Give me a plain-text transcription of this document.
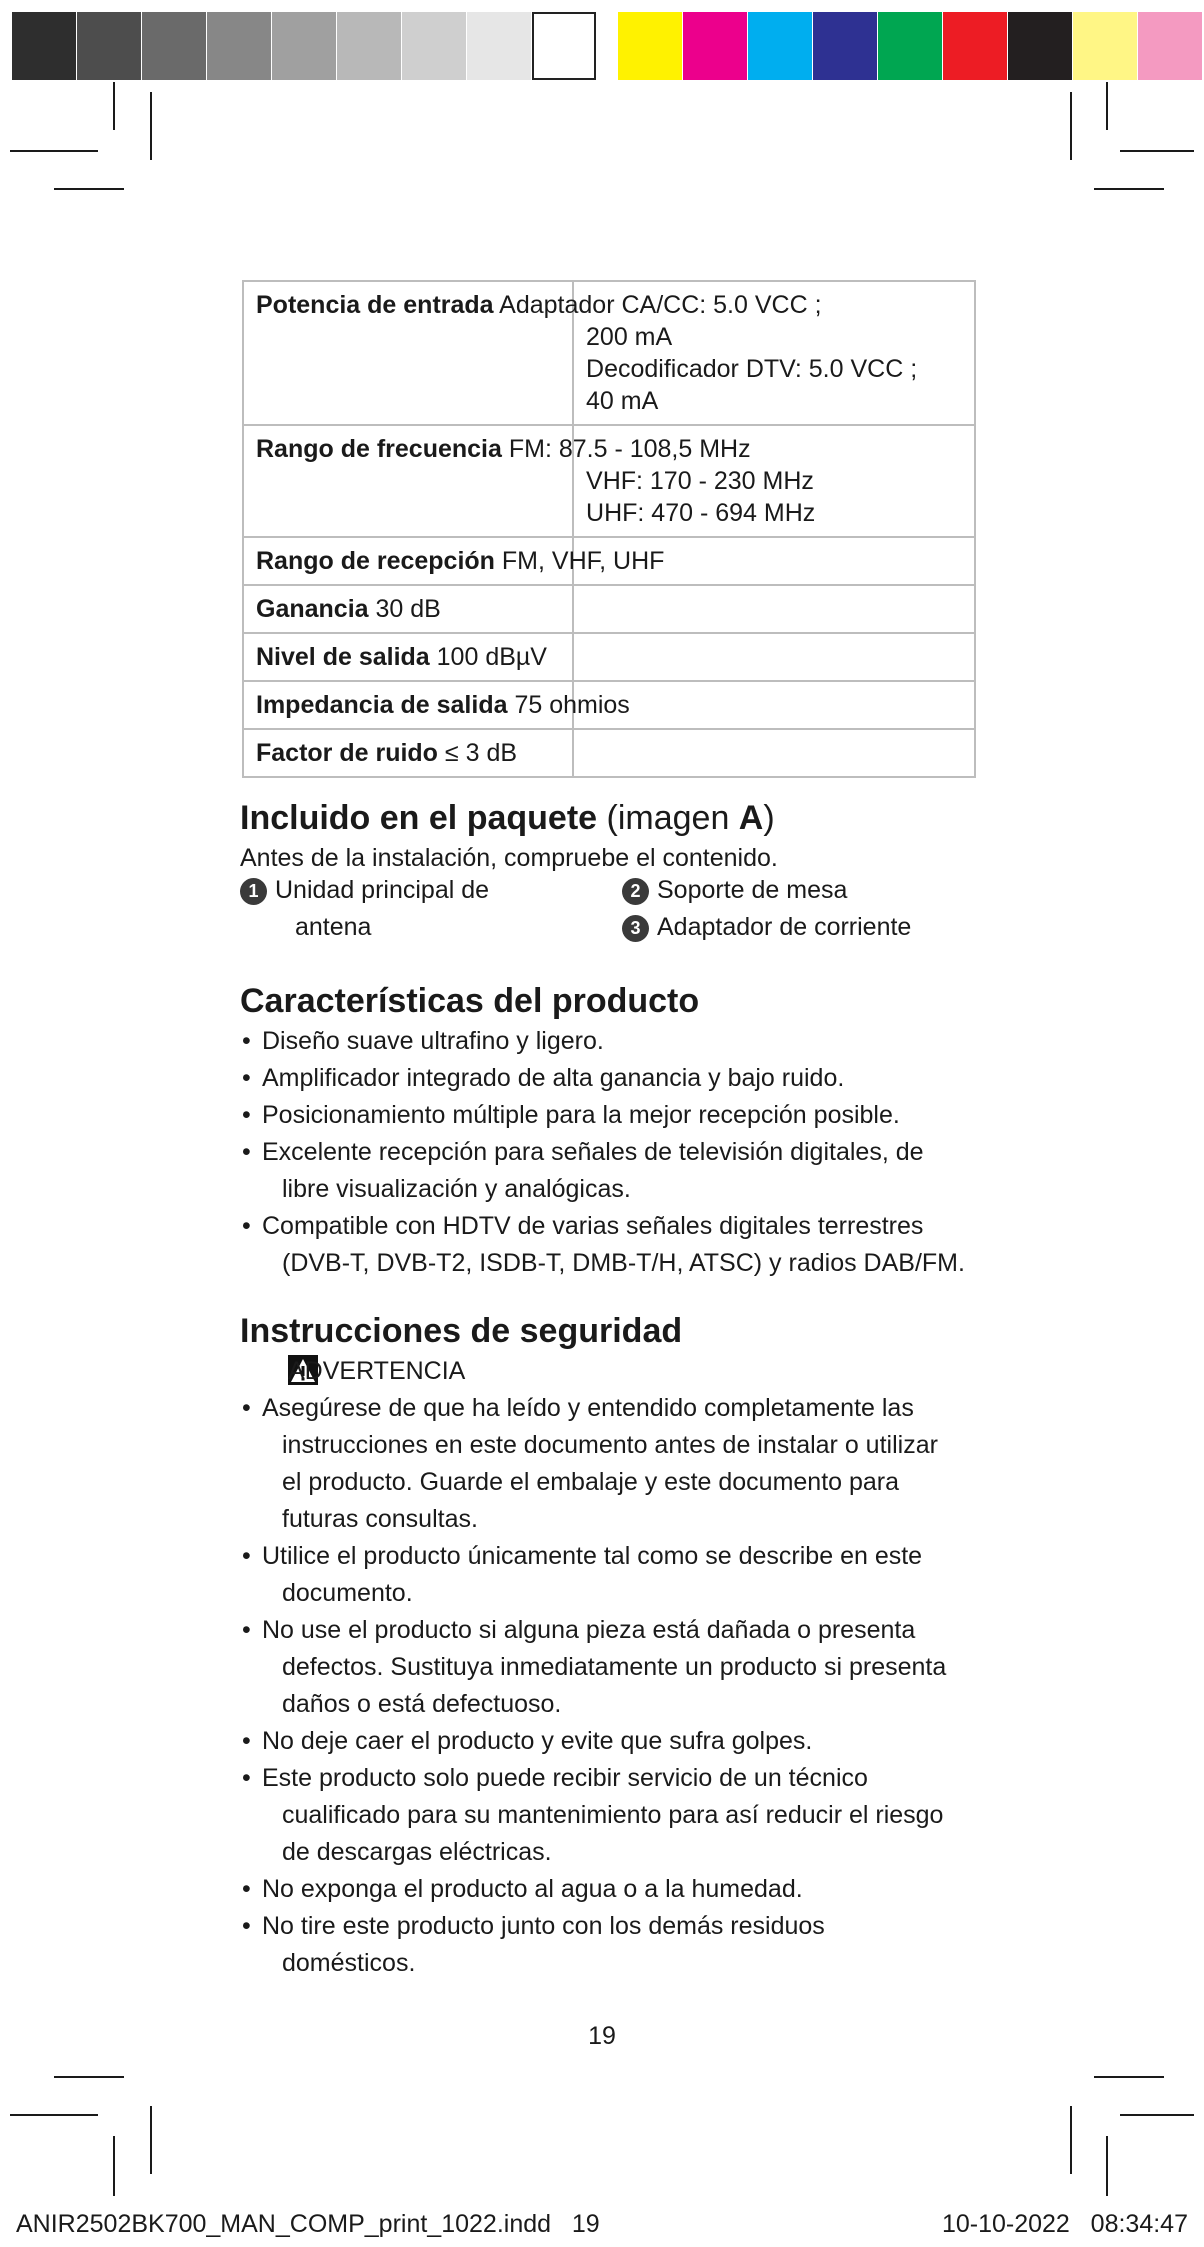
Potencia de entrada Adaptador CA/CC: 5.0 VCC ;	200 mA
Decodificador DTV: 5.0 VCC ;
40 mA

Rango de frecuencia FM: 87.5 - 108,5 MHz	VHF: 170 - 230 MHz
UHF: 470 - 694 MHz

Rango de recepción FM, VHF, UHF	

Ganancia 30 dB	

Nivel de salida 100 dBµV	

Impedancia de salida 75 ohmios	

Factor de ruido ≤ 3 dB	

Incluido en el paquete (imagen A)

Antes de la instalación, compruebe el contenido.

1 Unidad principal de
antena
2 Soporte de mesa
3 Adaptador de corriente
Características del producto
• Diseño suave ultrafino y ligero.
• Amplificador integrado de alta ganancia y bajo ruido.
• Posicionamiento múltiple para la mejor recepción posible.
• Excelente recepción para señales de televisión digitales, de
libre visualización y analógicas.
• Compatible con HDTV de varias señales digitales terrestres
(DVB-T, DVB-T2, ISDB-T, DMB-T/H, ATSC) y radios DAB/FM.
Instrucciones de seguridad
ADVERTENCIA
• Asegúrese de que ha leído y entendido completamente las
instrucciones en este documento antes de instalar o utilizar
el producto. Guarde el embalaje y este documento para
futuras consultas.
• Utilice el producto únicamente tal como se describe en este
documento.
• No use el producto si alguna pieza está dañada o presenta
defectos. Sustituya inmediatamente un producto si presenta
daños o está defectuoso.
• No deje caer el producto y evite que sufra golpes.
• Este producto solo puede recibir servicio de un técnico
cualificado para su mantenimiento para así reducir el riesgo
de descargas eléctricas.
• No exponga el producto al agua o a la humedad.
• No tire este producto junto con los demás residuos
domésticos.
19
ANIR2502BK700_MAN_COMP_print_1022.indd   19	10-10-2022   08:34:47
